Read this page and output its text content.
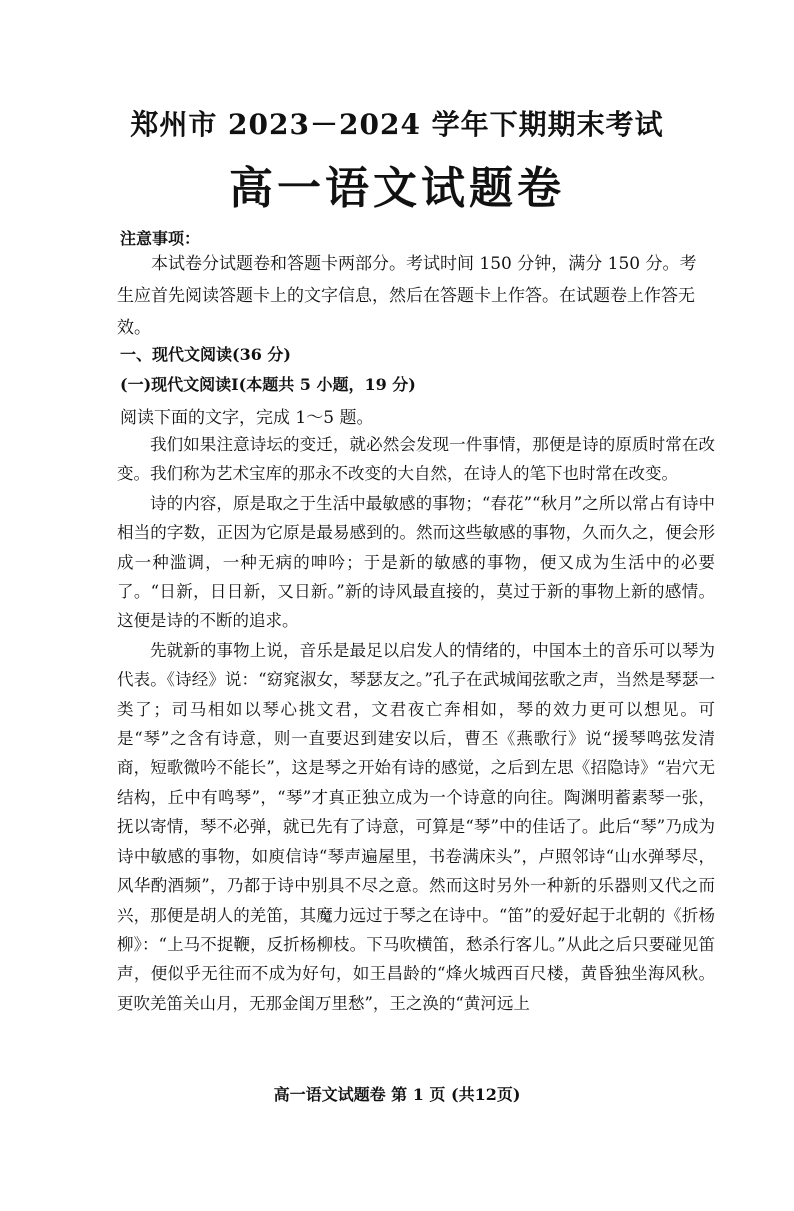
郑州市 2023－2024 学年下期期末考试
高一语文试题卷
注意事项：
本试卷分试题卷和答题卡两部分。考试时间 150 分钟，满分 150 分。考生应首先阅读答题卡上的文字信息，然后在答题卡上作答。在试题卷上作答无效。
一、现代文阅读(36 分)
(一)现代文阅读Ⅰ(本题共 5 小题，19 分)
阅读下面的文字，完成 1～5 题。

我们如果注意诗坛的变迁，就必然会发现一件事情，那便是诗的原质时常在改变。我们称为艺术宝库的那永不改变的大自然，在诗人的笔下也时常在改变。

诗的内容，原是取之于生活中最敏感的事物；“春花”“秋月”之所以常占有诗中相当的字数，正因为它原是最易感到的。然而这些敏感的事物，久而久之，便会形成一种滥调，一种无病的呻吟；于是新的敏感的事物，便又成为生活中的必要了。“日新，日日新，又日新。”新的诗风最直接的，莫过于新的事物上新的感情。这便是诗的不断的追求。

先就新的事物上说，音乐是最足以启发人的情绪的，中国本土的音乐可以琴为代表。《诗经》说：“窈窕淑女，琴瑟友之。”孔子在武城闻弦歌之声，当然是琴瑟一类了；司马相如以琴心挑文君，文君夜亡奔相如，琴的效力更可以想见。可是“琴”之含有诗意，则一直要迟到建安以后，曹丕《燕歌行》说“援琴鸣弦发清商，短歌微吟不能长”，这是琴之开始有诗的感觉，之后到左思《招隐诗》“岩穴无结构，丘中有鸣琴”，“琴”才真正独立成为一个诗意的向往。陶渊明蓄素琴一张，抚以寄情，琴不必弹，就已先有了诗意，可算是“琴”中的佳话了。此后“琴”乃成为诗中敏感的事物，如庾信诗“琴声遍屋里，书卷满床头”，卢照邻诗“山水弹琴尽，风华酌酒频”，乃都于诗中别具不尽之意。然而这时另外一种新的乐器则又代之而兴，那便是胡人的羌笛，其魔力远过于琴之在诗中。“笛”的爱好起于北朝的《折杨柳》：“上马不捉鞭，反折杨柳枝。下马吹横笛，愁杀行客儿。”从此之后只要碰见笛声，便似乎无往而不成为好句，如王昌龄的“烽火城西百尺楼，黄昏独坐海风秋。更吹羌笛关山月，无那金闺万里愁”，王之涣的“黄河远上

高一语文试题卷 第 1 页 (共12页)
